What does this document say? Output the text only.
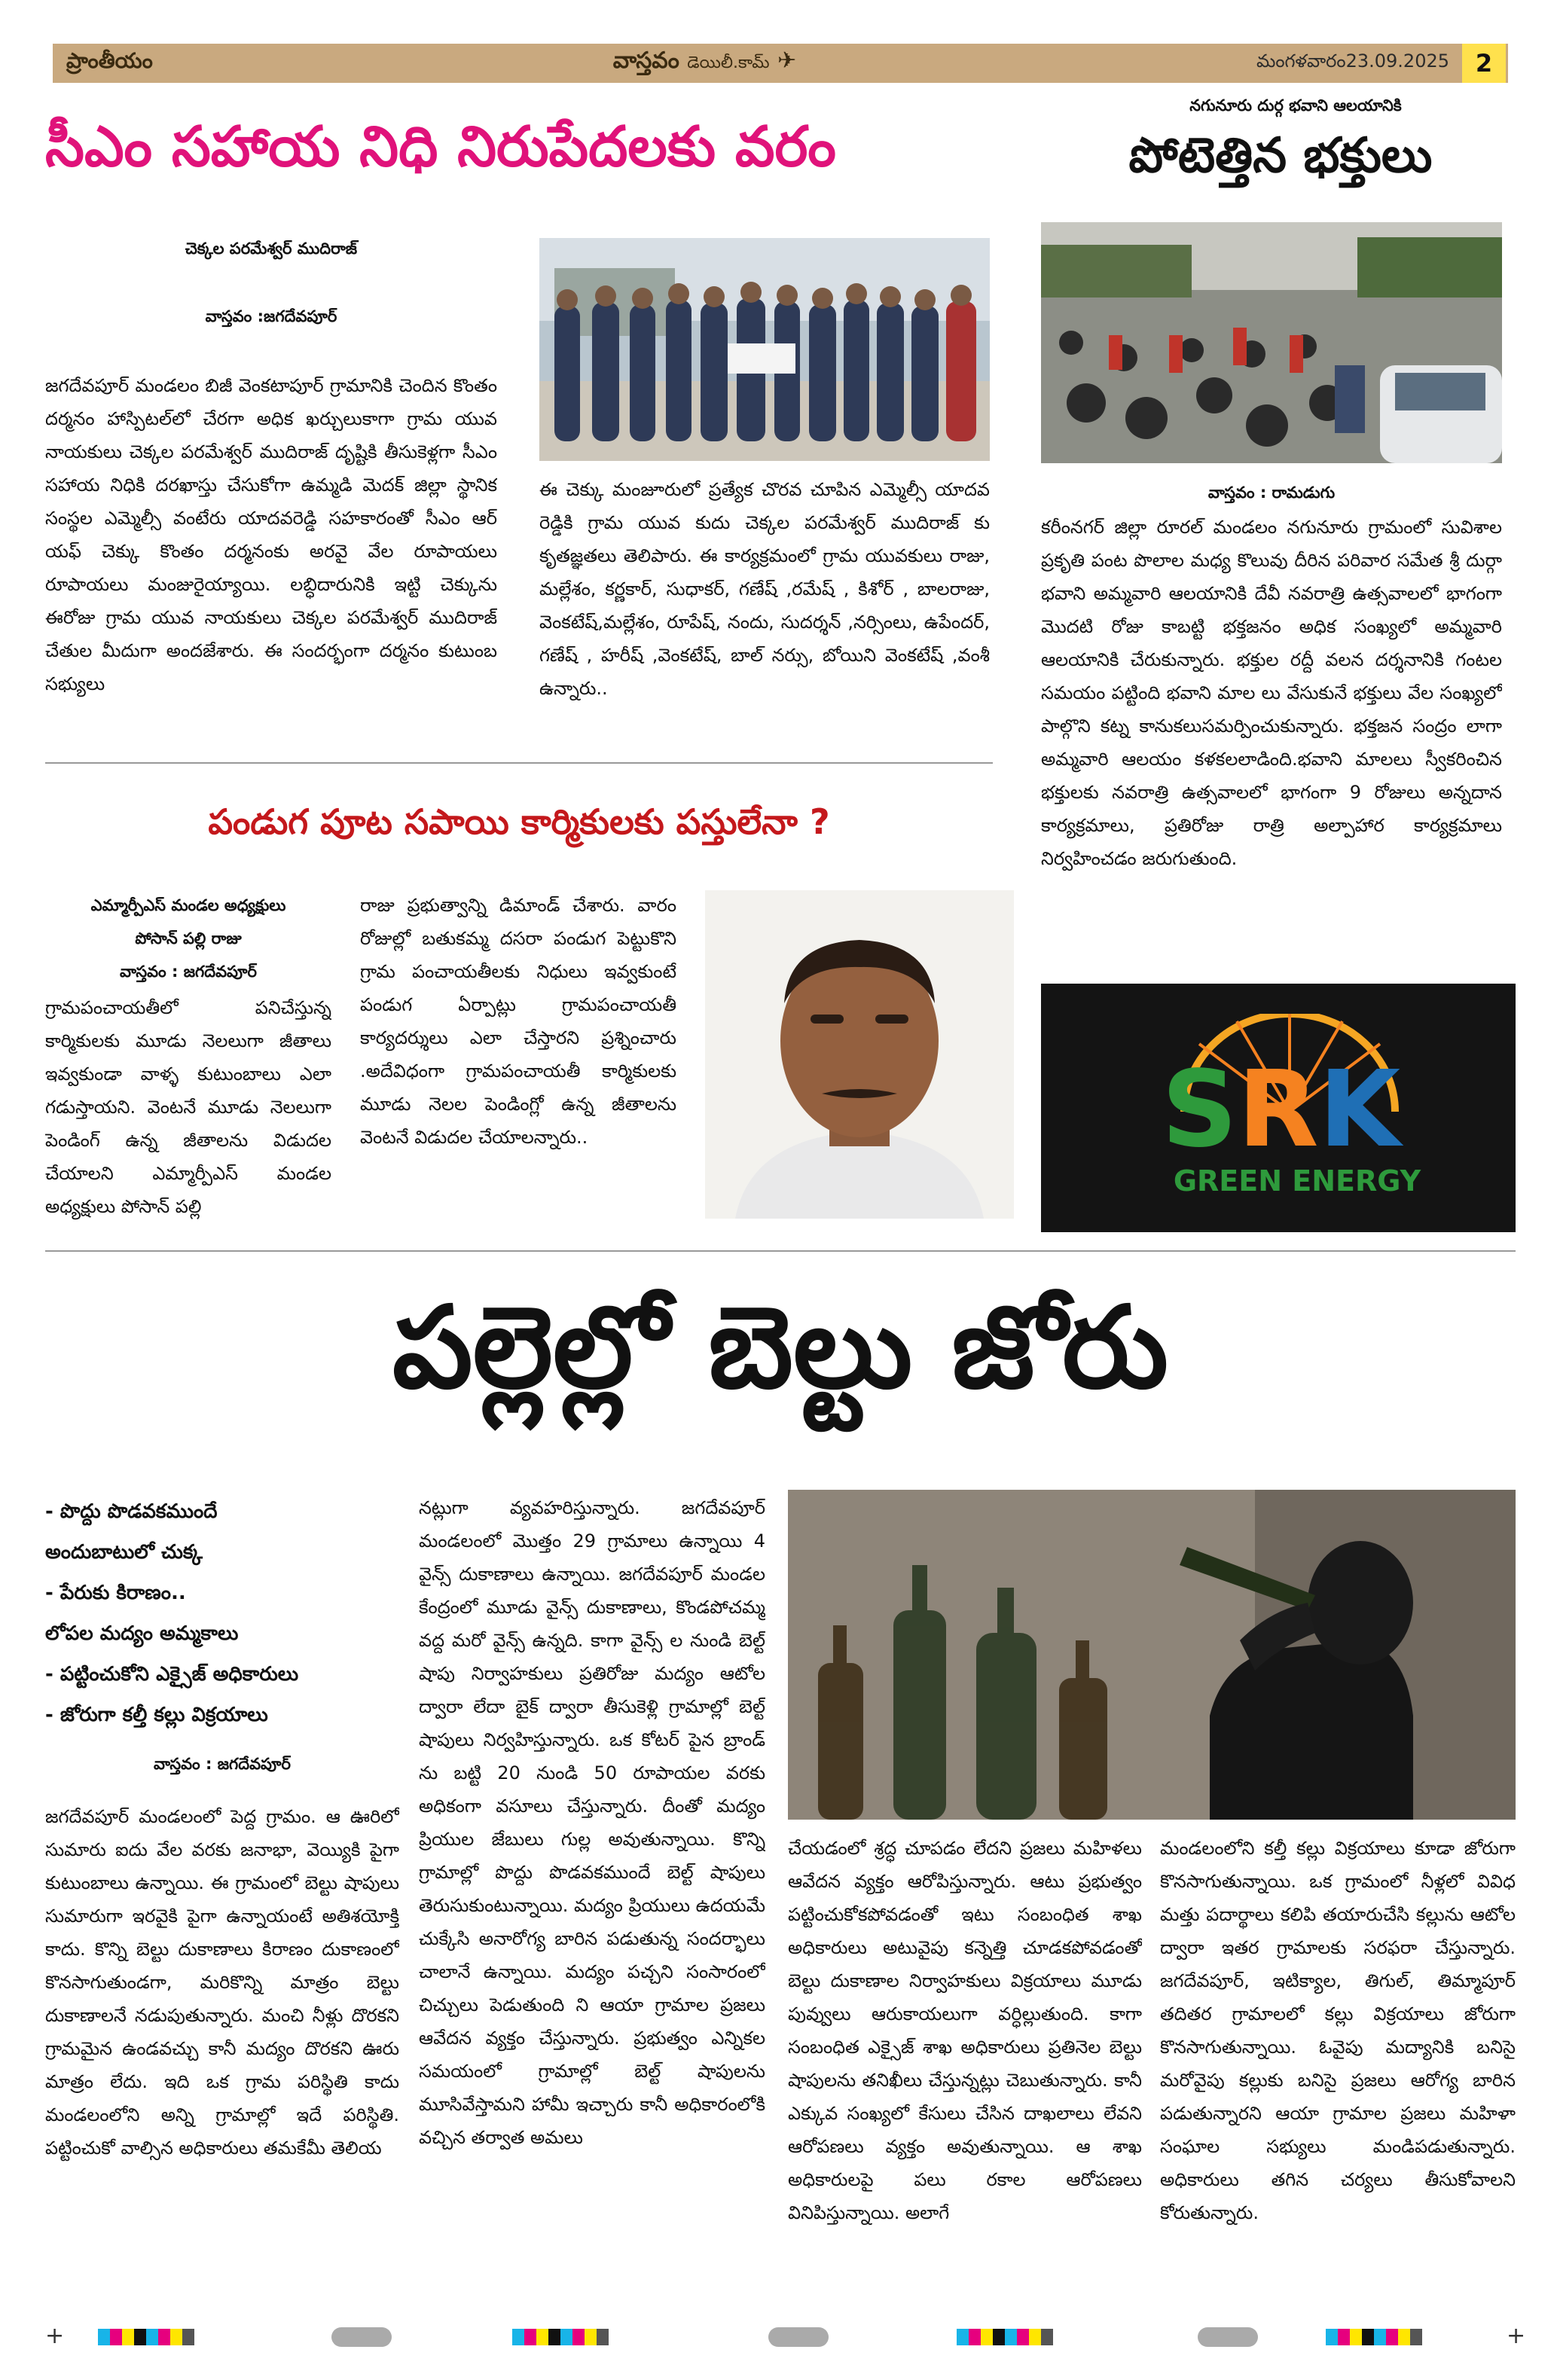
ప్రాంతీయం	వాస్తవం డెయిలీ.కామ్ ✈	మంగళవారం23.09.2025	2
సీఎం సహాయ నిధి నిరుపేదలకు వరం
చెక్కల పరమేశ్వర్ ముదిరాజ్
వాస్తవం :జగదేవపూర్
జగదేవపూర్ మండలం బిజీ వెంకటాపూర్ గ్రామానికి చెందిన కొంతం దర్మనం హాస్పిటల్‌లో చేరగా అధిక ఖర్చులుకాగా గ్రామ యువ నాయకులు చెక్కల పరమేశ్వర్ ముదిరాజ్ దృష్టికి తీసుకెళ్లగా సీఎం సహాయ నిధికి దరఖాస్తు చేసుకోగా ఉమ్మడి మెదక్ జిల్లా స్థానిక సంస్థల ఎమ్మెల్సీ వంటేరు యాదవరెడ్డి సహకారంతో సీఎం ఆర్ యఫ్ చెక్కు కొంతం దర్మనంకు అరవై వేల రూపాయలు రూపాయలు మంజురైయ్యాయి. లబ్ధిదారునికి ఇట్టి చెక్కును ఈరోజు గ్రామ యువ నాయకులు చెక్కల పరమేశ్వర్ ముదిరాజ్ చేతుల మీదుగా అందజేశారు. ఈ సందర్భంగా దర్మనం కుటుంబ సభ్యులు
ఈ చెక్కు మంజూరులో ప్రత్యేక చొరవ చూపిన ఎమ్మెల్సీ యాదవ రెడ్డికి గ్రామ యువ కుదు చెక్కల పరమేశ్వర్ ముదిరాజ్ కు కృతజ్ఞతలు తెలిపారు. ఈ కార్యక్రమంలో గ్రామ యువకులు రాజు, మల్లేశం, కర్ణకార్, సుధాకర్, గణేష్ ,రమేష్ , కిశోర్ , బాలరాజు, వెంకటేష్,మల్లేశం, రూపేష్, నందు, సుదర్శన్ ,నర్సింలు, ఉపేందర్, గణేష్ , హరీష్ ,వెంకటేష్, బాల్ నర్సు, బోయిని వెంకటేష్ ,వంశీ ఉన్నారు..
నగునూరు దుర్గ భవాని ఆలయానికి
పోటెత్తిన భక్తులు
వాస్తవం : రామడుగు
కరీంనగర్ జిల్లా రూరల్ మండలం నగునూరు గ్రామంలో సువిశాల ప్రకృతి పంట పొలాల మధ్య కొలువు దీరిన పరివార సమేత శ్రీ దుర్గా భవాని అమ్మవారి ఆలయానికి దేవీ నవరాత్రి ఉత్సవాలలో భాగంగా మొదటి రోజు కాబట్టి భక్తజనం అధిక సంఖ్యలో అమ్మవారి ఆలయానికి చేరుకున్నారు. భక్తుల రద్దీ వలన దర్శనానికి గంటల సమయం పట్టింది భవాని మాల లు వేసుకునే భక్తులు వేల సంఖ్యలో పాల్గొని కట్న కానుకలుసమర్పించుకున్నారు. భక్తజన సంద్రం లాగా అమ్మవారి ఆలయం కళకలలాడింది.భవాని మాలలు స్వీకరించిన భక్తులకు నవరాత్రి ఉత్సవాలలో భాగంగా 9 రోజులు అన్నదాన కార్యక్రమాలు, ప్రతిరోజు రాత్రి అల్పాహార కార్యక్రమాలు నిర్వహించడం జరుగుతుంది.
పండుగ పూట సపాయి కార్మికులకు పస్తులేనా ?
ఎమ్మార్పీఎస్ మండల అధ్యక్షులు
పోసాన్ పల్లి రాజు
వాస్తవం : జగదేవపూర్
గ్రామపంచాయతీలో పనిచేస్తున్న కార్మికులకు మూడు నెలలుగా జీతాలు ఇవ్వకుండా వాళ్ళ కుటుంబాలు ఎలా గడుస్తాయని. వెంటనే మూడు నెలలుగా పెండింగ్ ఉన్న జీతాలను విడుదల చేయాలని ఎమ్మార్పీఎస్ మండల అధ్యక్షులు పోసాన్ పల్లి
రాజు ప్రభుత్వాన్ని డిమాండ్ చేశారు. వారం రోజుల్లో బతుకమ్మ దసరా పండుగ పెట్టుకొని గ్రామ పంచాయతీలకు నిధులు ఇవ్వకుంటే పండుగ ఏర్పాట్లు గ్రామపంచాయతీ కార్యదర్శులు ఎలా చేస్తారని ప్రశ్నించారు .అదేవిధంగా గ్రామపంచాయతీ కార్మికులకు మూడు నెలల పెండింగ్లో ఉన్న జీతాలను వెంటనే విడుదల చేయాలన్నారు..	SRK
GREEN ENERGY
పల్లెల్లో బెల్టు జోరు
- పొద్దు పొడవకముందే
అందుబాటులో చుక్క
- పేరుకు కిరాణం..
లోపల మద్యం అమ్మకాలు
- పట్టించుకోని ఎక్సైజ్ అధికారులు
- జోరుగా కల్తీ కల్లు విక్రయాలు
వాస్తవం : జగదేవపూర్
జగదేవపూర్ మండలంలో పెద్ద గ్రామం. ఆ ఊరిలో సుమారు ఐదు వేల వరకు జనాభా, వెయ్యికి పైగా కుటుంబాలు ఉన్నాయి. ఈ గ్రామంలో బెల్టు షాపులు సుమారుగా ఇరవైకి పైగా ఉన్నాయంటే అతిశయోక్తి కాదు. కొన్ని బెల్టు దుకాణాలు కిరాణం దుకాణంలో కొనసాగుతుండగా, మరికొన్ని మాత్రం బెల్టు దుకాణాలనే నడుపుతున్నారు. మంచి నీళ్లు దొరకని గ్రామమైన ఉండవచ్చు కానీ మద్యం దొరకని ఊరు మాత్రం లేదు. ఇది ఒక గ్రామ పరిస్థితి కాదు మండలంలోని అన్ని గ్రామాల్లో ఇదే పరిస్థితి. పట్టించుకో వాల్సిన అధికారులు తమకేమీ తెలియ
నట్లుగా వ్యవహరిస్తున్నారు. జగదేవపూర్ మండలంలో మొత్తం 29 గ్రామాలు ఉన్నాయి 4 వైన్స్ దుకాణాలు ఉన్నాయి. జగదేవపూర్ మండల కేంద్రంలో మూడు వైన్స్ దుకాణాలు, కొండపోచమ్మ వద్ద మరో వైన్స్ ఉన్నది. కాగా వైన్స్ ల నుండి బెల్ట్ షాపు నిర్వాహకులు ప్రతిరోజు మద్యం ఆటోల ద్వారా లేదా బైక్ ద్వారా తీసుకెళ్లి గ్రామాల్లో బెల్ట్ షాపులు నిర్వహిస్తున్నారు. ఒక కోటర్ పైన బ్రాండ్ ను బట్టి 20 నుండి 50 రూపాయల వరకు అధికంగా వసూలు చేస్తున్నారు. దీంతో మద్యం ప్రియుల జేబులు గుల్ల అవుతున్నాయి. కొన్ని గ్రామాల్లో పొద్దు పొడవకముందే బెల్ట్ షాపులు తెరుసుకుంటున్నాయి. మద్యం ప్రియులు ఉదయమే చుక్కేసి అనారోగ్య బారిన పడుతున్న సందర్భాలు చాలానే ఉన్నాయి. మద్యం పచ్చని సంసారంలో చిచ్చులు పెడుతుంది ని ఆయా గ్రామాల ప్రజలు ఆవేదన వ్యక్తం చేస్తున్నారు. ప్రభుత్వం ఎన్నికల సమయంలో గ్రామాల్లో బెల్ట్ షాపులను మూసివేస్తామని హామీ ఇచ్చారు కానీ అధికారంలోకి వచ్చిన తర్వాత అమలు
చేయడంలో శ్రద్ధ చూపడం లేదని ప్రజలు మహిళలు ఆవేదన వ్యక్తం ఆరోపిస్తున్నారు. ఆటు ప్రభుత్వం పట్టించుకోకపోవడంతో ఇటు సంబంధిత శాఖ అధికారులు అటువైపు కన్నెత్తి చూడకపోవడంతో బెల్టు దుకాణాల నిర్వాహకులు విక్రయాలు మూడు పువ్వులు ఆరుకాయలుగా వర్ధిల్లుతుంది. కాగా సంబంధిత ఎక్సైజ్ శాఖ అధికారులు ప్రతినెల బెల్టు షాపులను తనిఖీలు చేస్తున్నట్లు చెబుతున్నారు. కానీ ఎక్కువ సంఖ్యలో కేసులు చేసిన దాఖలాలు లేవని ఆరోపణలు వ్యక్తం అవుతున్నాయి. ఆ శాఖ అధికారులపై పలు రకాల ఆరోపణలు వినిపిస్తున్నాయి. అలాగే
మండలంలోని కల్తీ కల్లు విక్రయాలు కూడా జోరుగా కొనసాగుతున్నాయి. ఒక గ్రామంలో నీళ్లలో వివిధ మత్తు పదార్థాలు కలిపి తయారుచేసి కల్లును ఆటోల ద్వారా ఇతర గ్రామాలకు సరఫరా చేస్తున్నారు. జగదేవపూర్, ఇటిక్యాల, తిగుల్, తిమ్మాపూర్ తదితర గ్రామాలలో కల్లు విక్రయాలు జోరుగా కొనసాగుతున్నాయి. ఓవైపు మద్యానికి బనిసై మరోవైపు కల్లుకు బనిసై ప్రజలు ఆరోగ్య బారిన పడుతున్నారని ఆయా గ్రామాల ప్రజలు మహిళా సంఘాల సభ్యులు మండిపడుతున్నారు. అధికారులు తగిన చర్యలు తీసుకోవాలని కోరుతున్నారు.
+	+
